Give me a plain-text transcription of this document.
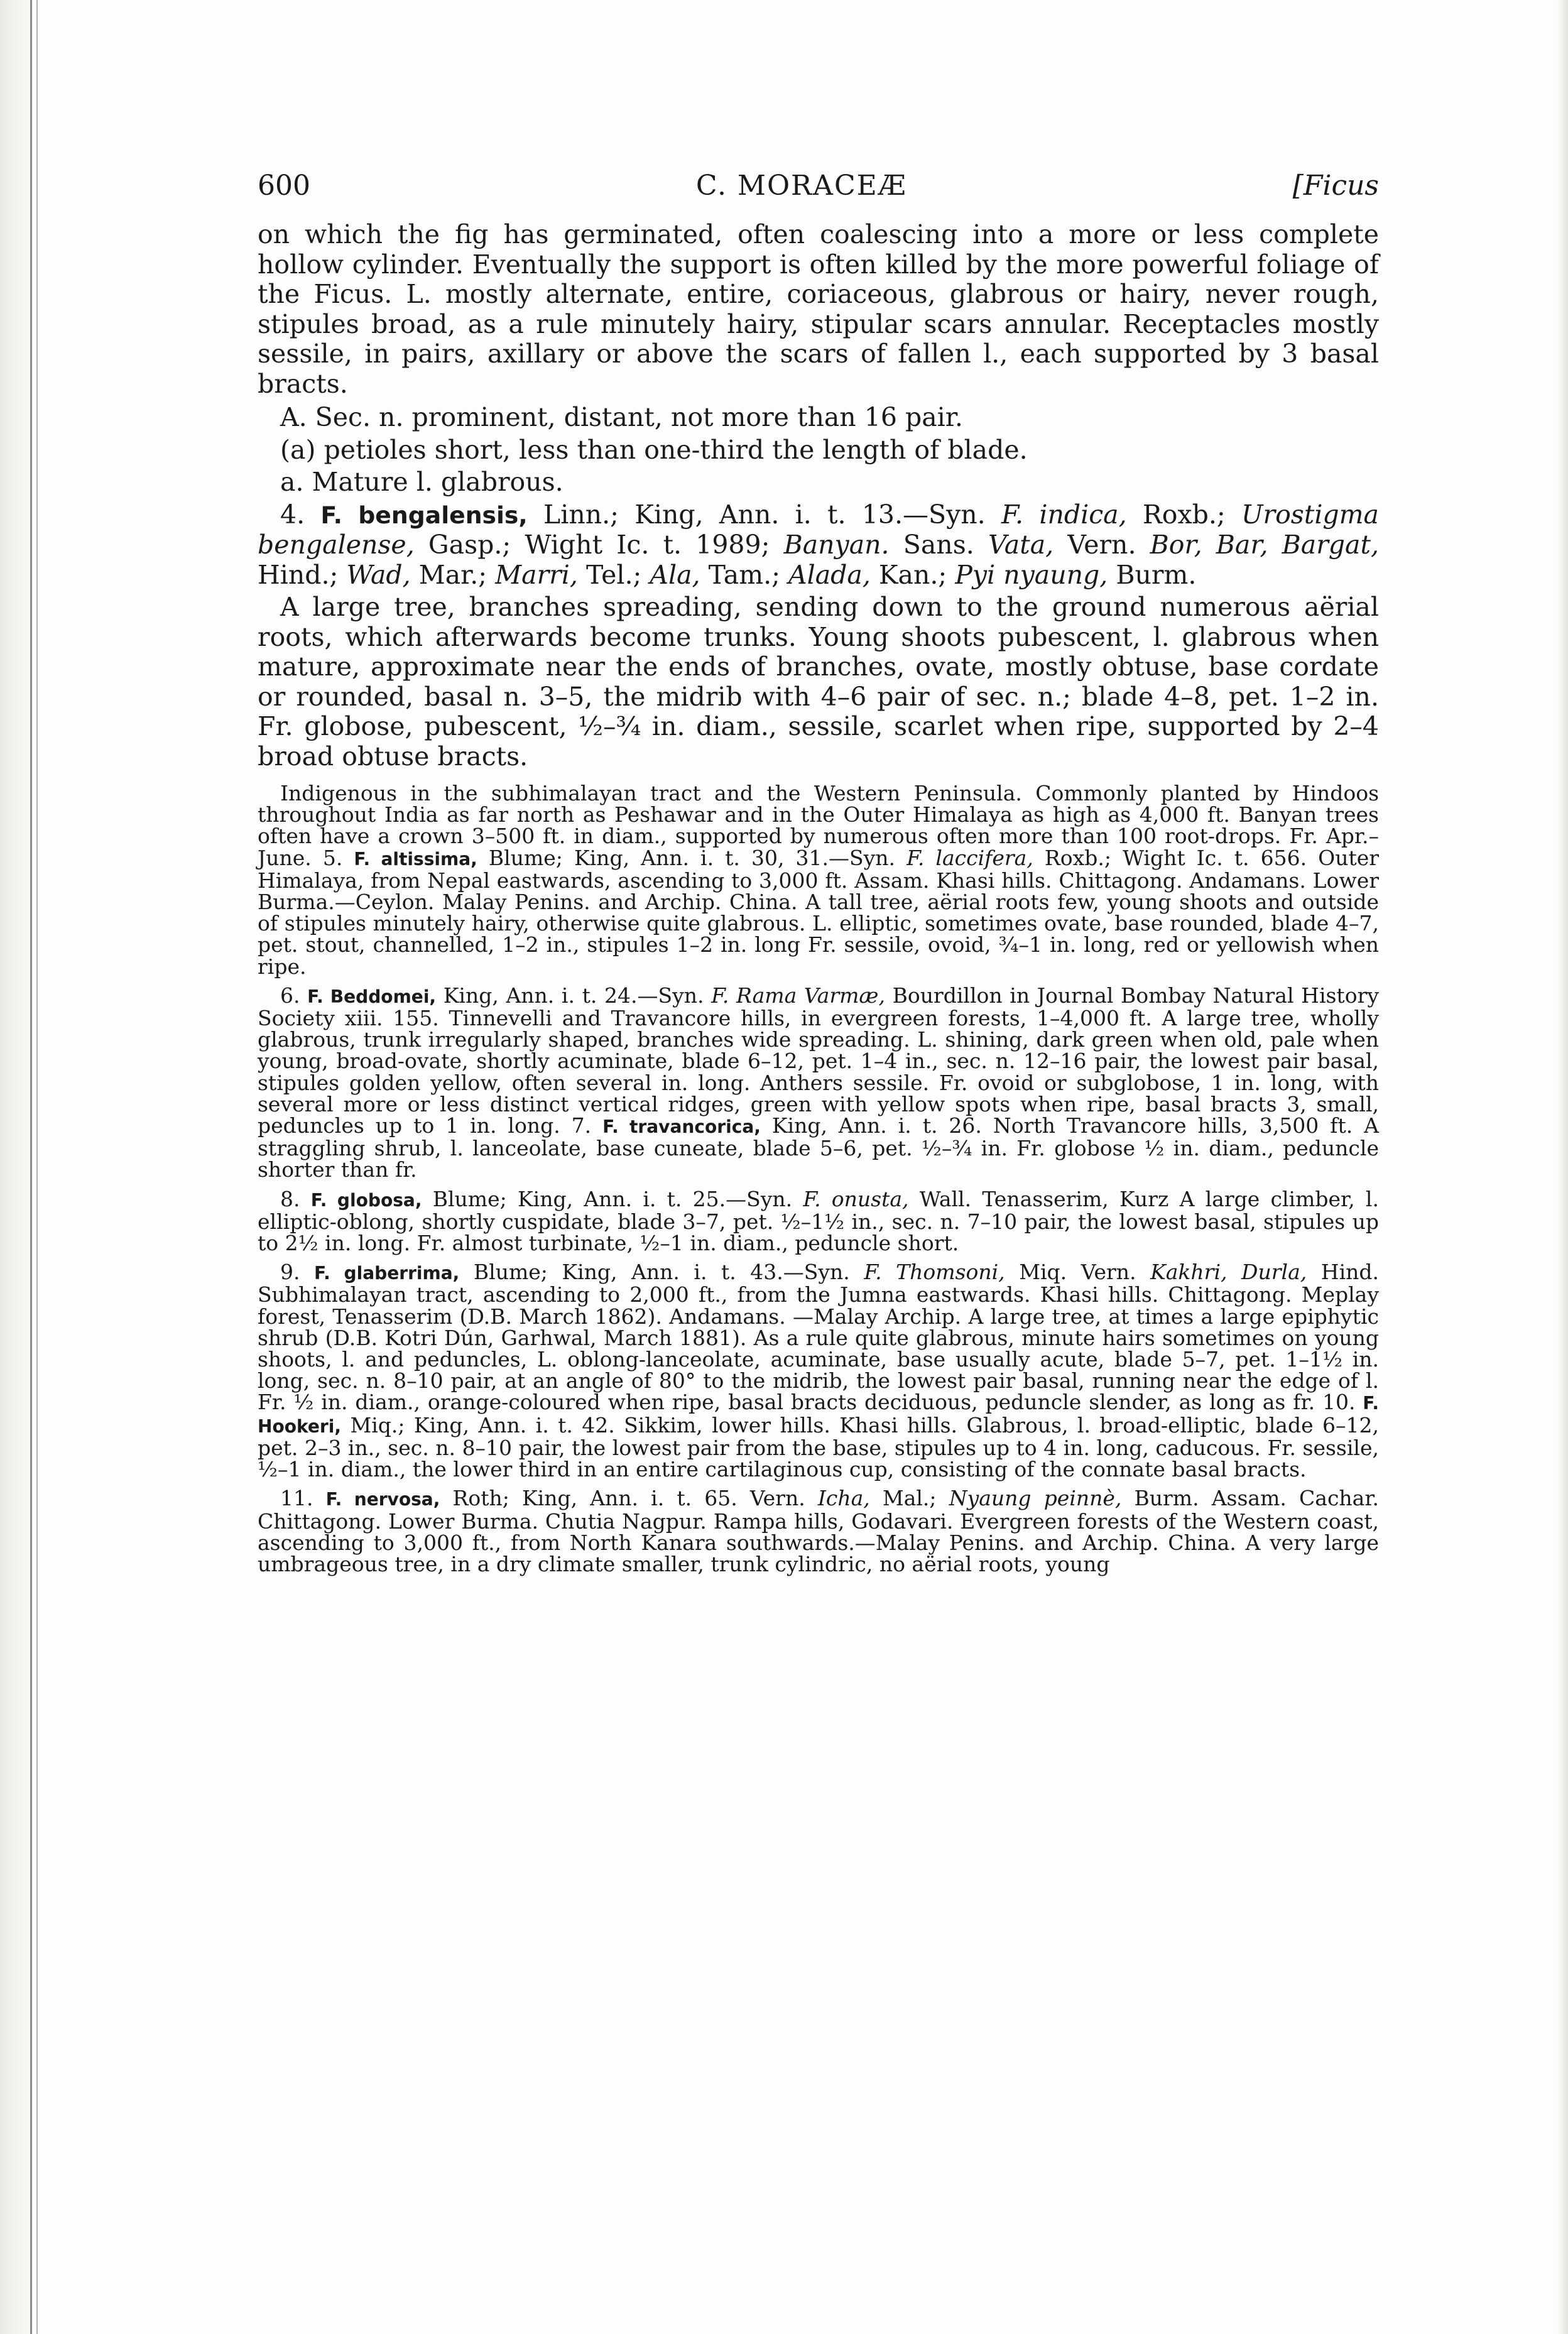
600	C. MORACEÆ	[Ficus

on which the fig has germinated, often coalescing into a more or less complete hollow cylinder. Eventually the support is often killed by the more powerful foliage of the Ficus. L. mostly alternate, entire, coriaceous, glabrous or hairy, never rough, stipules broad, as a rule minutely hairy, stipular scars annular. Receptacles mostly sessile, in pairs, axillary or above the scars of fallen l., each supported by 3 basal bracts.

A. Sec. n. prominent, distant, not more than 16 pair.

(a) petioles short, less than one-third the length of blade.

a. Mature l. glabrous.

4. F. bengalensis, Linn.; King, Ann. i. t. 13.—Syn. F. indica, Roxb.; Urostigma bengalense, Gasp.; Wight Ic. t. 1989; Banyan. Sans. Vata, Vern. Bor, Bar, Bargat, Hind.; Wad, Mar.; Marri, Tel.; Ala, Tam.; Alada, Kan.; Pyi nyaung, Burm.

A large tree, branches spreading, sending down to the ground numerous aërial roots, which afterwards become trunks. Young shoots pubescent, l. glabrous when mature, approximate near the ends of branches, ovate, mostly obtuse, base cordate or rounded, basal n. 3–5, the midrib with 4–6 pair of sec. n.; blade 4–8, pet. 1–2 in. Fr. globose, pubescent, ½–¾ in. diam., sessile, scarlet when ripe, supported by 2–4 broad obtuse bracts.

Indigenous in the subhimalayan tract and the Western Peninsula. Commonly planted by Hindoos throughout India as far north as Peshawar and in the Outer Himalaya as high as 4,000 ft. Banyan trees often have a crown 3–500 ft. in diam., supported by numerous often more than 100 root-drops. Fr. Apr.–June. 5. F. altissima, Blume; King, Ann. i. t. 30, 31.—Syn. F. laccifera, Roxb.; Wight Ic. t. 656. Outer Himalaya, from Nepal eastwards, ascending to 3,000 ft. Assam. Khasi hills. Chittagong. Andamans. Lower Burma.—Ceylon. Malay Penins. and Archip. China. A tall tree, aërial roots few, young shoots and outside of stipules minutely hairy, otherwise quite glabrous. L. elliptic, sometimes ovate, base rounded, blade 4–7, pet. stout, channelled, 1–2 in., stipules 1–2 in. long Fr. sessile, ovoid, ¾–1 in. long, red or yellowish when ripe.

6. F. Beddomei, King, Ann. i. t. 24.—Syn. F. Rama Varmæ, Bourdillon in Journal Bombay Natural History Society xiii. 155. Tinnevelli and Travancore hills, in evergreen forests, 1–4,000 ft. A large tree, wholly glabrous, trunk irregularly shaped, branches wide spreading. L. shining, dark green when old, pale when young, broad-ovate, shortly acuminate, blade 6–12, pet. 1–4 in., sec. n. 12–16 pair, the lowest pair basal, stipules golden yellow, often several in. long. Anthers sessile. Fr. ovoid or subglobose, 1 in. long, with several more or less distinct vertical ridges, green with yellow spots when ripe, basal bracts 3, small, peduncles up to 1 in. long. 7. F. travancorica, King, Ann. i. t. 26. North Travancore hills, 3,500 ft. A straggling shrub, l. lanceolate, base cuneate, blade 5–6, pet. ½–¾ in. Fr. globose ½ in. diam., peduncle shorter than fr.

8. F. globosa, Blume; King, Ann. i. t. 25.—Syn. F. onusta, Wall. Tenasserim, Kurz A large climber, l. elliptic-oblong, shortly cuspidate, blade 3–7, pet. ½–1½ in., sec. n. 7–10 pair, the lowest basal, stipules up to 2½ in. long. Fr. almost turbinate, ½–1 in. diam., peduncle short.

9. F. glaberrima, Blume; King, Ann. i. t. 43.—Syn. F. Thomsoni, Miq. Vern. Kakhri, Durla, Hind. Subhimalayan tract, ascending to 2,000 ft., from the Jumna eastwards. Khasi hills. Chittagong. Meplay forest, Tenasserim (D.B. March 1862). Andamans. —Malay Archip. A large tree, at times a large epiphytic shrub (D.B. Kotri Dún, Garhwal, March 1881). As a rule quite glabrous, minute hairs sometimes on young shoots, l. and peduncles, L. oblong-lanceolate, acuminate, base usually acute, blade 5–7, pet. 1–1½ in. long, sec. n. 8–10 pair, at an angle of 80° to the midrib, the lowest pair basal, running near the edge of l. Fr. ½ in. diam., orange-coloured when ripe, basal bracts deciduous, peduncle slender, as long as fr. 10. F. Hookeri, Miq.; King, Ann. i. t. 42. Sikkim, lower hills. Khasi hills. Glabrous, l. broad-elliptic, blade 6–12, pet. 2–3 in., sec. n. 8–10 pair, the lowest pair from the base, stipules up to 4 in. long, caducous. Fr. sessile, ½–1 in. diam., the lower third in an entire cartilaginous cup, consisting of the connate basal bracts.

11. F. nervosa, Roth; King, Ann. i. t. 65. Vern. Icha, Mal.; Nyaung peinnè, Burm. Assam. Cachar. Chittagong. Lower Burma. Chutia Nagpur. Rampa hills, Godavari. Evergreen forests of the Western coast, ascending to 3,000 ft., from North Kanara southwards.—Malay Penins. and Archip. China. A very large umbrageous tree, in a dry climate smaller, trunk cylindric, no aërial roots, young
